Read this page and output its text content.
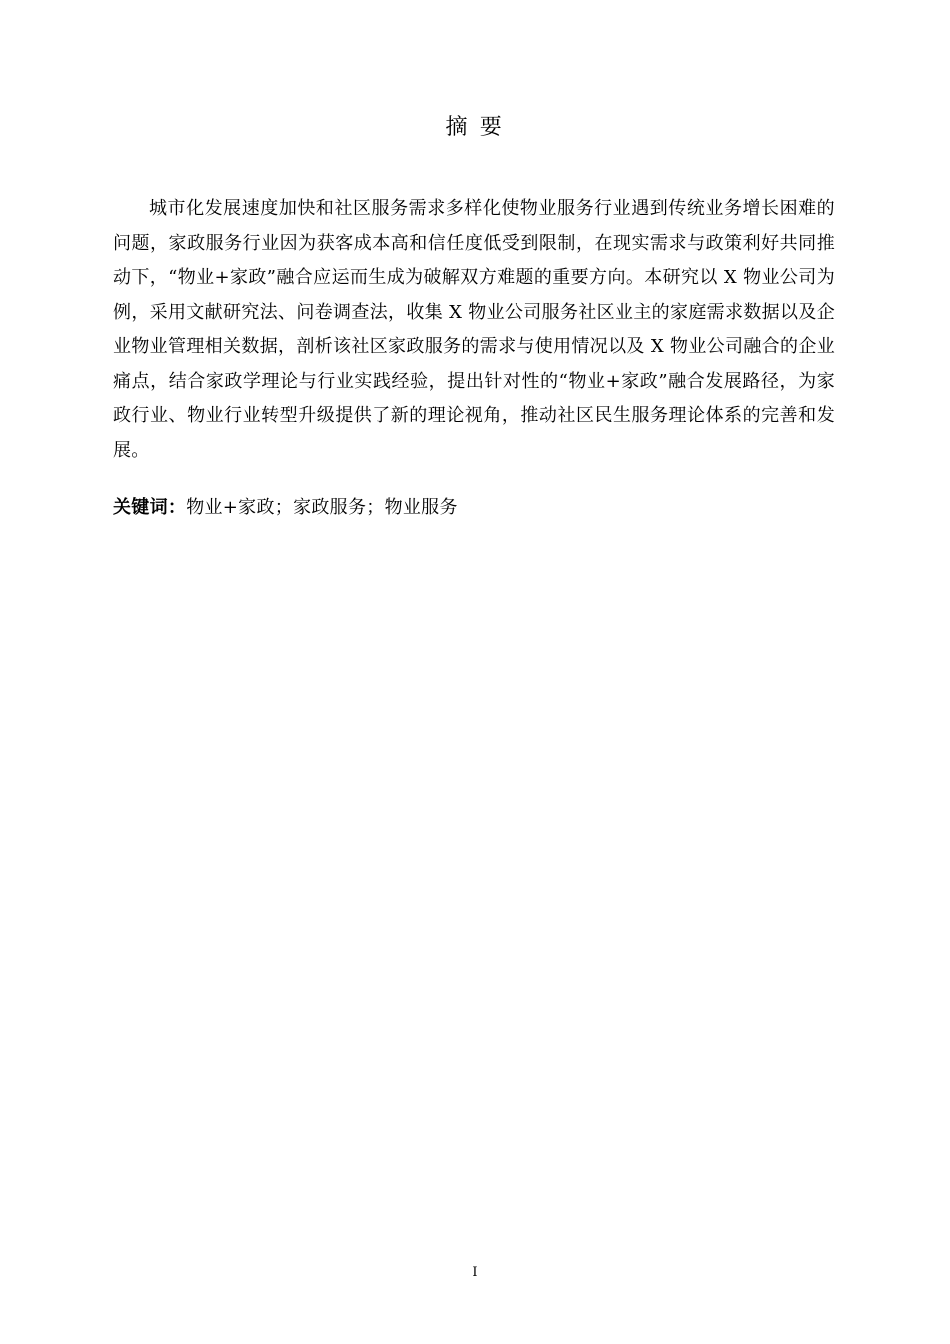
摘 要

城市化发展速度加快和社区服务需求多样化使物业服务行业遇到传统业务增长困难的问题，家政服务行业因为获客成本高和信任度低受到限制，在现实需求与政策利好共同推动下，“物业+家政”融合应运而生成为破解双方难题的重要方向。本研究以 X 物业公司为例，采用文献研究法、问卷调查法，收集 X 物业公司服务社区业主的家庭需求数据以及企业物业管理相关数据，剖析该社区家政服务的需求与使用情况以及 X 物业公司融合的企业痛点，结合家政学理论与行业实践经验，提出针对性的“物业+家政”融合发展路径，为家政行业、物业行业转型升级提供了新的理论视角，推动社区民生服务理论体系的完善和发展。

关键词：物业+家政；家政服务；物业服务

I
